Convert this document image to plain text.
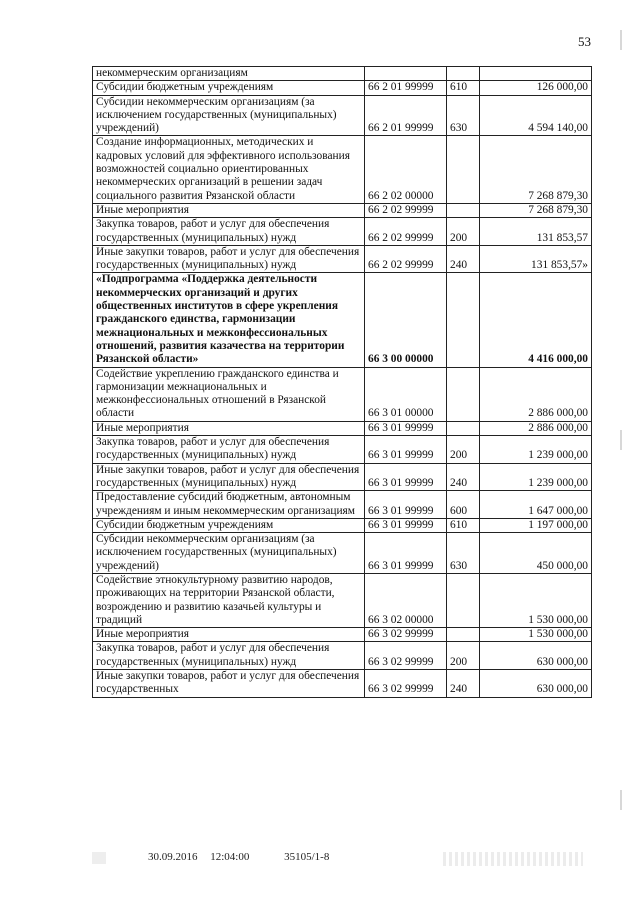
53
некоммерческим организациям			
Субсидии бюджетным учреждениям	66 2 01 99999	610	126 000,00
Субсидии некоммерческим организациям (за исключением государственных (муниципальных) учреждений)	66 2 01 99999	630	4 594 140,00
Создание информационных, методических и кадровых условий для эффективного использования возможностей социально ориентированных некоммерческих организаций в решении задач социального развития Рязанской области	66 2 02 00000		7 268 879,30
Иные мероприятия	66 2 02 99999		7 268 879,30
Закупка товаров, работ и услуг для обеспечения государственных (муниципальных) нужд	66 2 02 99999	200	131 853,57
Иные закупки товаров, работ и услуг для обеспечения государственных (муниципальных) нужд	66 2 02 99999	240	131 853,57»
«Подпрограмма «Поддержка деятельности некоммерческих организаций и других общественных институтов в сфере укрепления гражданского единства, гармонизации межнациональных и межконфессиональных отношений, развития казачества на территории Рязанской области»	66 3 00 00000		4 416 000,00
Содействие укреплению гражданского единства и гармонизации межнациональных и межконфессиональных отношений в Рязанской области	66 3 01 00000		2 886 000,00
Иные мероприятия	66 3 01 99999		2 886 000,00
Закупка товаров, работ и услуг для обеспечения государственных (муниципальных) нужд	66 3 01 99999	200	1 239 000,00
Иные закупки товаров, работ и услуг для обеспечения государственных (муниципальных) нужд	66 3 01 99999	240	1 239 000,00
Предоставление субсидий бюджетным, автономным учреждениям и иным некоммерческим организациям	66 3 01 99999	600	1 647 000,00
Субсидии бюджетным учреждениям	66 3 01 99999	610	1 197 000,00
Субсидии некоммерческим организациям (за исключением государственных (муниципальных) учреждений)	66 3 01 99999	630	450 000,00
Содействие этнокультурному развитию народов, проживающих на территории Рязанской области, возрождению и развитию казачьей культуры и традиций	66 3 02 00000		1 530 000,00
Иные мероприятия	66 3 02 99999		1 530 000,00
Закупка товаров, работ и услуг для обеспечения государственных (муниципальных) нужд	66 3 02 99999	200	630 000,00
Иные закупки товаров, работ и услуг для обеспечения государственных	66 3 02 99999	240	630 000,00
30.09.2016 12:04:00	35105/1-8
